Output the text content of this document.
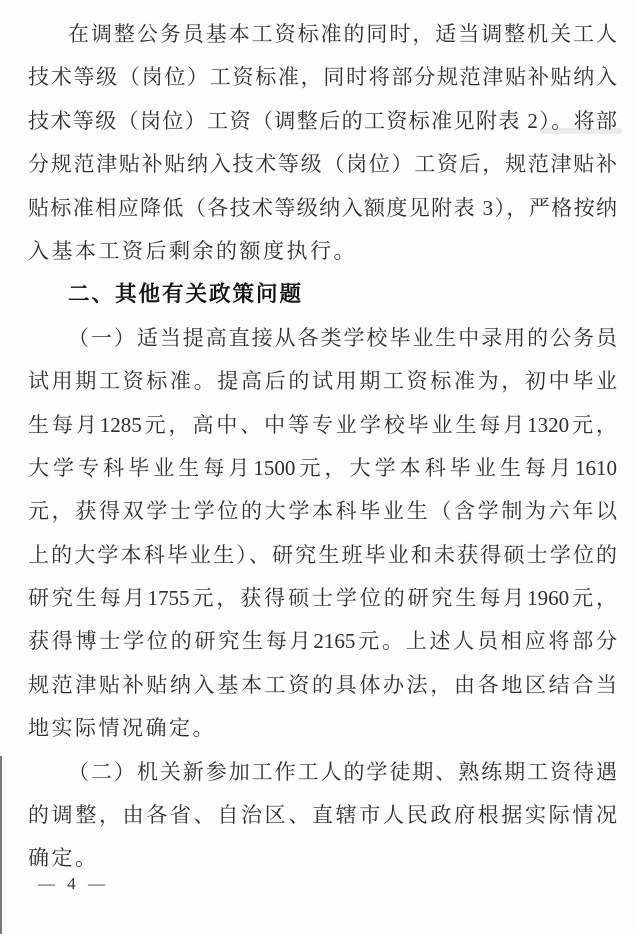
在调整公务员基本工资标准的同时，适当调整机关工人
技术等级（岗位）工资标准，同时将部分规范津贴补贴纳入
技术等级（岗位）工资（调整后的工资标准见附表 2）。将部
分规范津贴补贴纳入技术等级（岗位）工资后，规范津贴补
贴标准相应降低（各技术等级纳入额度见附表 3），严格按纳
入基本工资后剩余的额度执行。
二、其他有关政策问题
（一）适当提高直接从各类学校毕业生中录用的公务员
试用期工资标准。提高后的试用期工资标准为，初中毕业
生每月1285元，高中、中等专业学校毕业生每月1320元，
大学专科毕业生每月1500元，大学本科毕业生每月1610
元，获得双学士学位的大学本科毕业生（含学制为六年以
上的大学本科毕业生）、研究生班毕业和未获得硕士学位的
研究生每月1755元，获得硕士学位的研究生每月1960元，
获得博士学位的研究生每月2165元。上述人员相应将部分
规范津贴补贴纳入基本工资的具体办法，由各地区结合当
地实际情况确定。
（二）机关新参加工作工人的学徒期、熟练期工资待遇
的调整，由各省、自治区、直辖市人民政府根据实际情况
确定。
— 4 —
